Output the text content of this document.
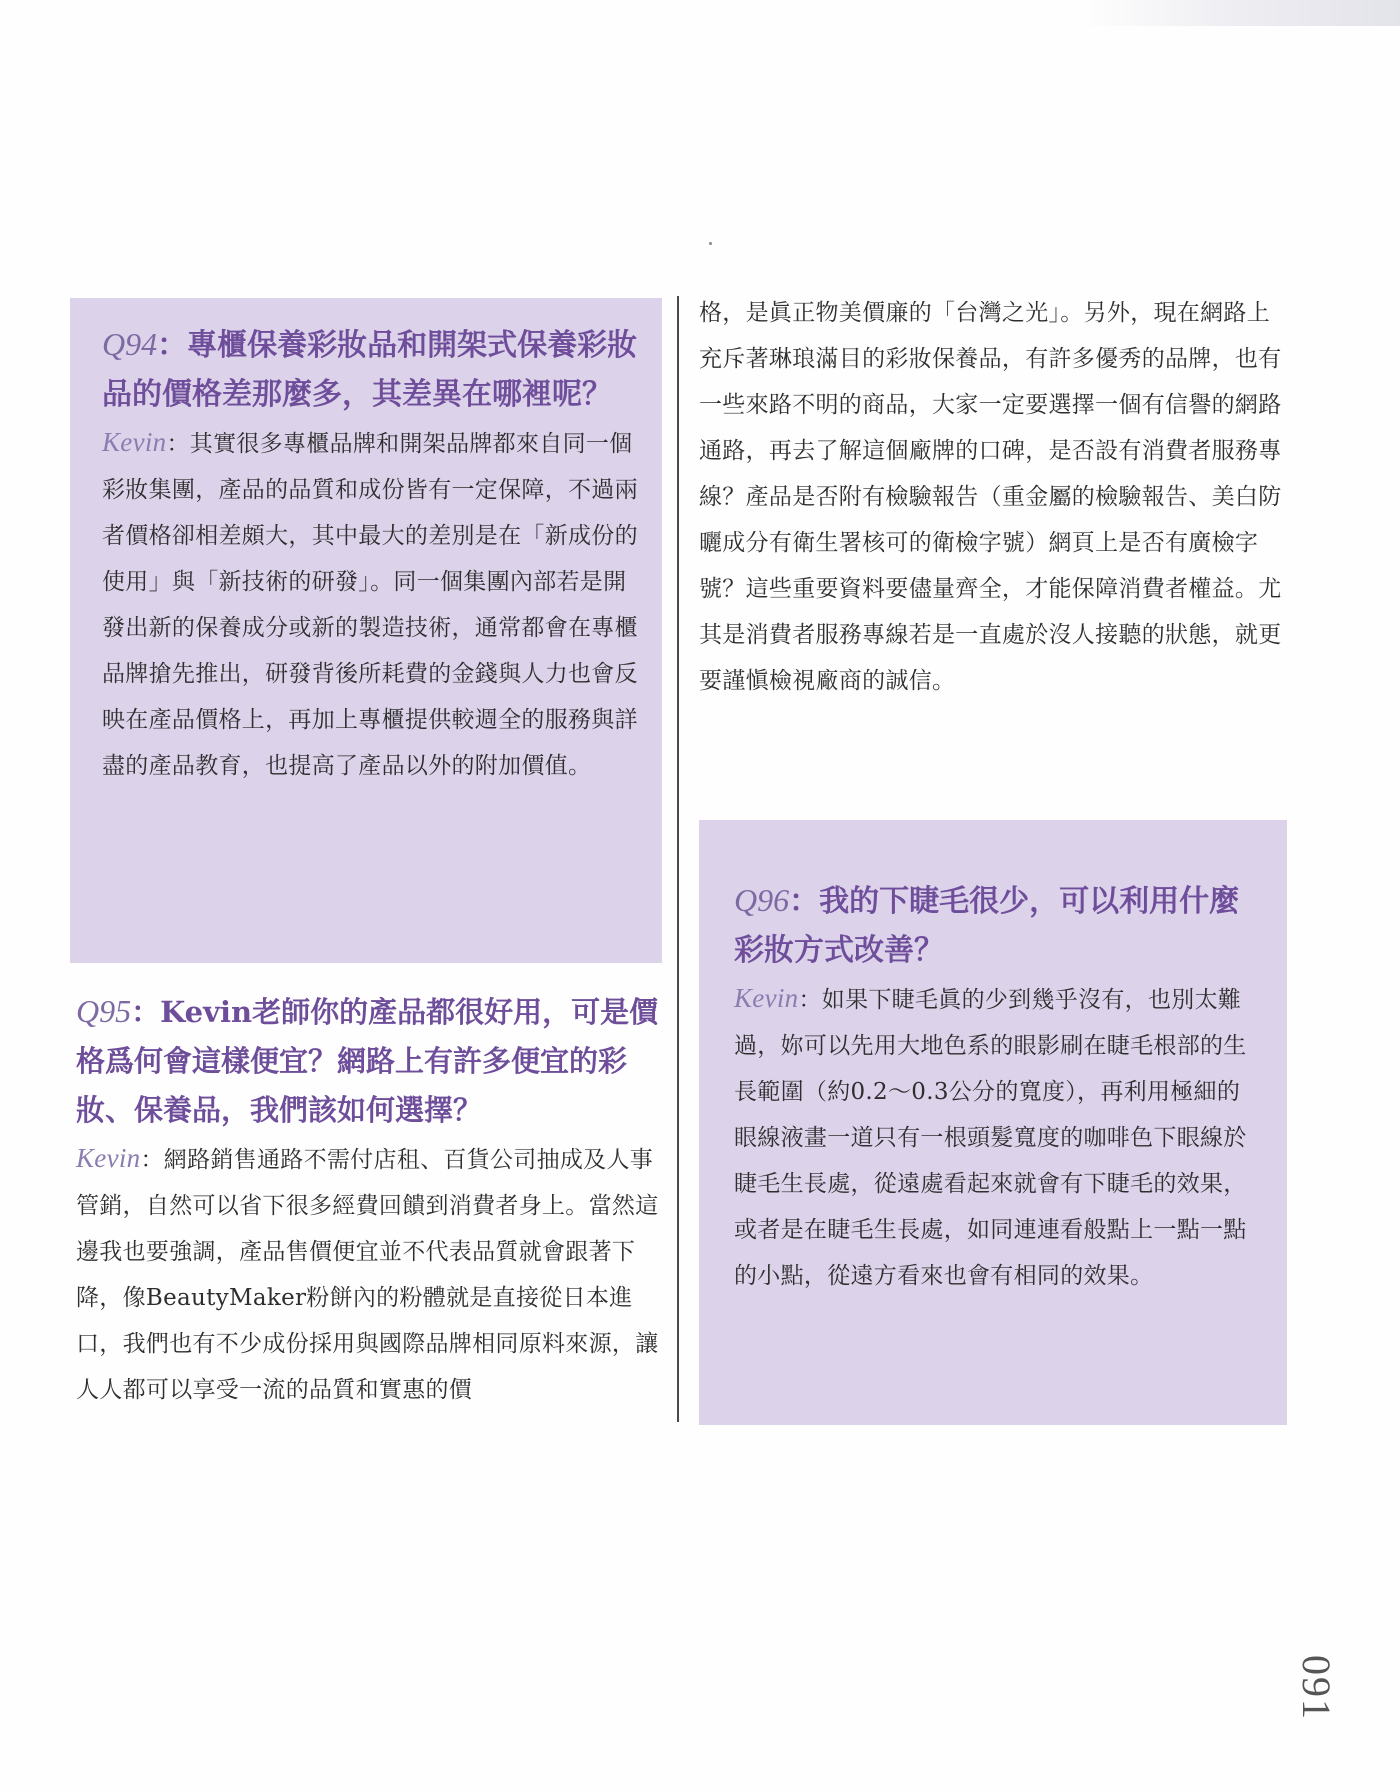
Q94：專櫃保養彩妝品和開架式保養彩妝品的價格差那麼多，其差異在哪裡呢？

Kevin：其實很多專櫃品牌和開架品牌都來自同一個彩妝集團，產品的品質和成份皆有一定保障，不過兩者價格卻相差頗大，其中最大的差別是在「新成份的使用」與「新技術的研發」。同一個集團內部若是開發出新的保養成分或新的製造技術，通常都會在專櫃品牌搶先推出，研發背後所耗費的金錢與人力也會反映在產品價格上，再加上專櫃提供較週全的服務與詳盡的產品教育，也提高了產品以外的附加價值。

Q95：Kevin老師你的產品都很好用，可是價格爲何會這樣便宜？網路上有許多便宜的彩妝、保養品，我們該如何選擇？

Kevin：網路銷售通路不需付店租、百貨公司抽成及人事管銷，自然可以省下很多經費回饋到消費者身上。當然這邊我也要強調，產品售價便宜並不代表品質就會跟著下降，像BeautyMaker粉餅內的粉體就是直接從日本進口，我們也有不少成份採用與國際品牌相同原料來源，讓人人都可以享受一流的品質和實惠的價

格，是眞正物美價廉的「台灣之光」。另外，現在網路上充斥著琳琅滿目的彩妝保養品，有許多優秀的品牌，也有一些來路不明的商品，大家一定要選擇一個有信譽的網路通路，再去了解這個廠牌的口碑，是否設有消費者服務專線？產品是否附有檢驗報告（重金屬的檢驗報告、美白防曬成分有衛生署核可的衛檢字號）網頁上是否有廣檢字號？這些重要資料要儘量齊全，才能保障消費者權益。尤其是消費者服務專線若是一直處於沒人接聽的狀態，就更要謹愼檢視廠商的誠信。

Q96：我的下睫毛很少，可以利用什麼彩妝方式改善？

Kevin：如果下睫毛眞的少到幾乎沒有，也別太難過，妳可以先用大地色系的眼影刷在睫毛根部的生長範圍（約0.2～0.3公分的寬度），再利用極細的眼線液畫一道只有一根頭髮寬度的咖啡色下眼線於睫毛生長處，從遠處看起來就會有下睫毛的效果，或者是在睫毛生長處，如同連連看般點上一點一點的小點，從遠方看來也會有相同的效果。

091
